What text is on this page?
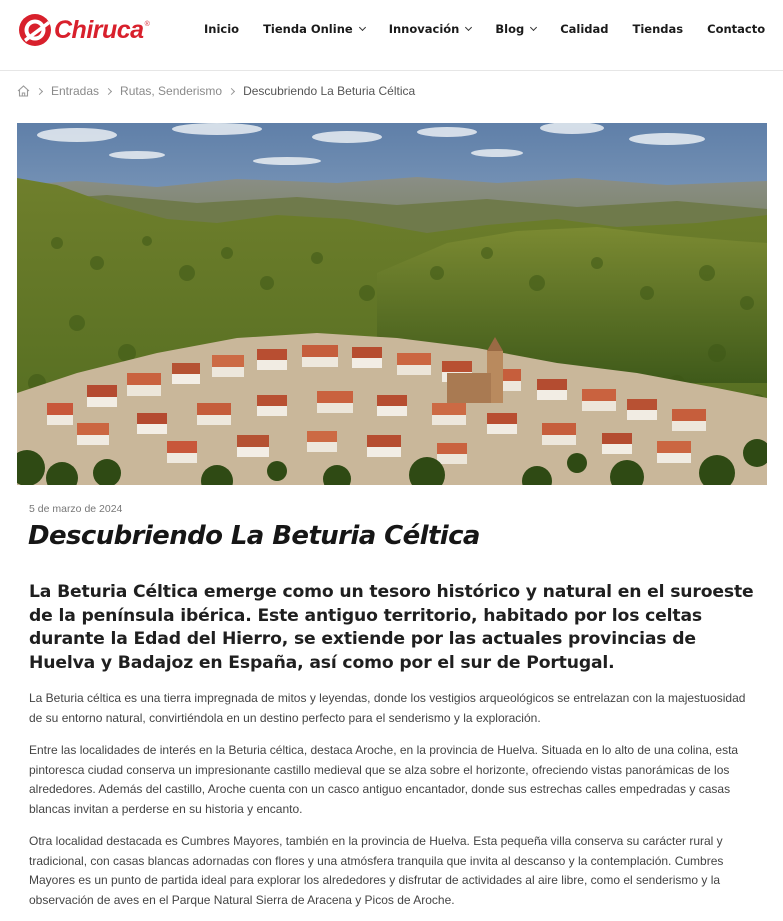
Chiruca ®	Inicio Tienda Online	Innovación	Blog	Calidad Tiendas Contacto
Entradas Rutas, Senderismo Descubriendo La Beturia Céltica
5 de marzo de 2024
Descubriendo La Beturia Céltica

La Beturia Céltica emerge como un tesoro histórico y natural en el suroeste de la península ibérica. Este antiguo territorio, habitado por los celtas durante la Edad del Hierro, se extiende por las actuales provincias de Huelva y Badajoz en España, así como por el sur de Portugal.

La Beturia céltica es una tierra impregnada de mitos y leyendas, donde los vestigios arqueológicos se entrelazan con la majestuosidad de su entorno natural, convirtiéndola en un destino perfecto para el senderismo y la exploración.

Entre las localidades de interés en la Beturia céltica, destaca Aroche, en la provincia de Huelva. Situada en lo alto de una colina, esta pintoresca ciudad conserva un impresionante castillo medieval que se alza sobre el horizonte, ofreciendo vistas panorámicas de los alrededores. Además del castillo, Aroche cuenta con un casco antiguo encantador, donde sus estrechas calles empedradas y casas blancas invitan a perderse en su historia y encanto.

Otra localidad destacada es Cumbres Mayores, también en la provincia de Huelva. Esta pequeña villa conserva su carácter rural y tradicional, con casas blancas adornadas con flores y una atmósfera tranquila que invita al descanso y la contemplación. Cumbres Mayores es un punto de partida ideal para explorar los alrededores y disfrutar de actividades al aire libre, como el senderismo y la observación de aves en el Parque Natural Sierra de Aracena y Picos de Aroche.
